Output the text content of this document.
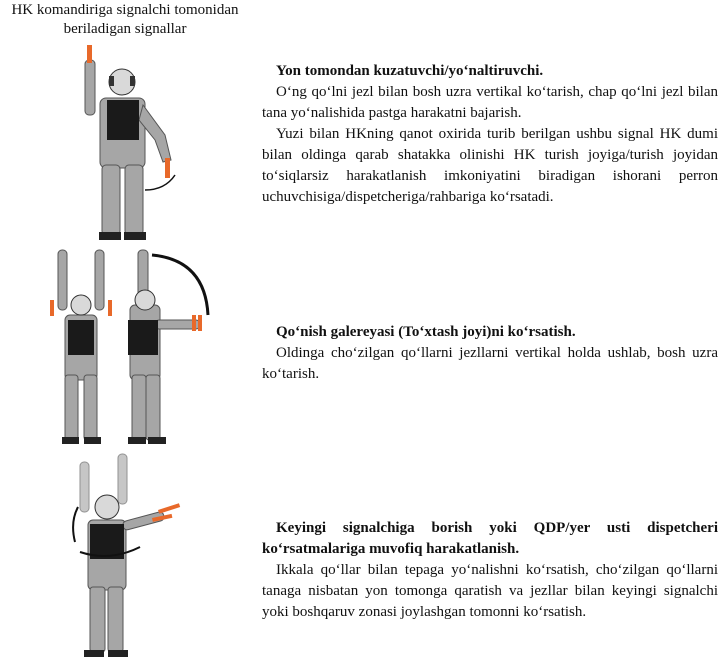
HK komandiriga signalchi tomonidan beriladigan signallar

Yon tomondan kuzatuvchi/yo‘naltiruvchi.

O‘ng qo‘lni jezl bilan bosh uzra vertikal ko‘tarish, chap qo‘lni jezl bilan tana yo‘nalishida pastga harakatni bajarish.

Yuzi bilan HKning qanot oxirida turib berilgan ushbu signal HK dumi bilan oldinga qarab shatakka olinishi HK turish joyiga/turish joyidan to‘siqlarsiz harakatlanish imkoniyatini biradigan ishorani perron uchuvchisiga/dispetcheriga/rahbariga ko‘rsatadi.

Qo‘nish galereyasi (To‘xtash joyi)ni ko‘rsatish.

Oldinga cho‘zilgan qo‘llarni jezllarni vertikal holda ushlab, bosh uzra ko‘tarish.

Keyingi signalchiga borish yoki QDP/yer usti dispetcheri ko‘rsatmalariga muvofiq harakatlanish.

Ikkala qo‘llar bilan tepaga yo‘nalishni ko‘rsatish, cho‘zilgan qo‘llarni tanaga nisbatan yon tomonga qaratish va jezllar bilan keyingi signalchi yoki boshqaruv zonasi joylashgan tomonni ko‘rsatish.
